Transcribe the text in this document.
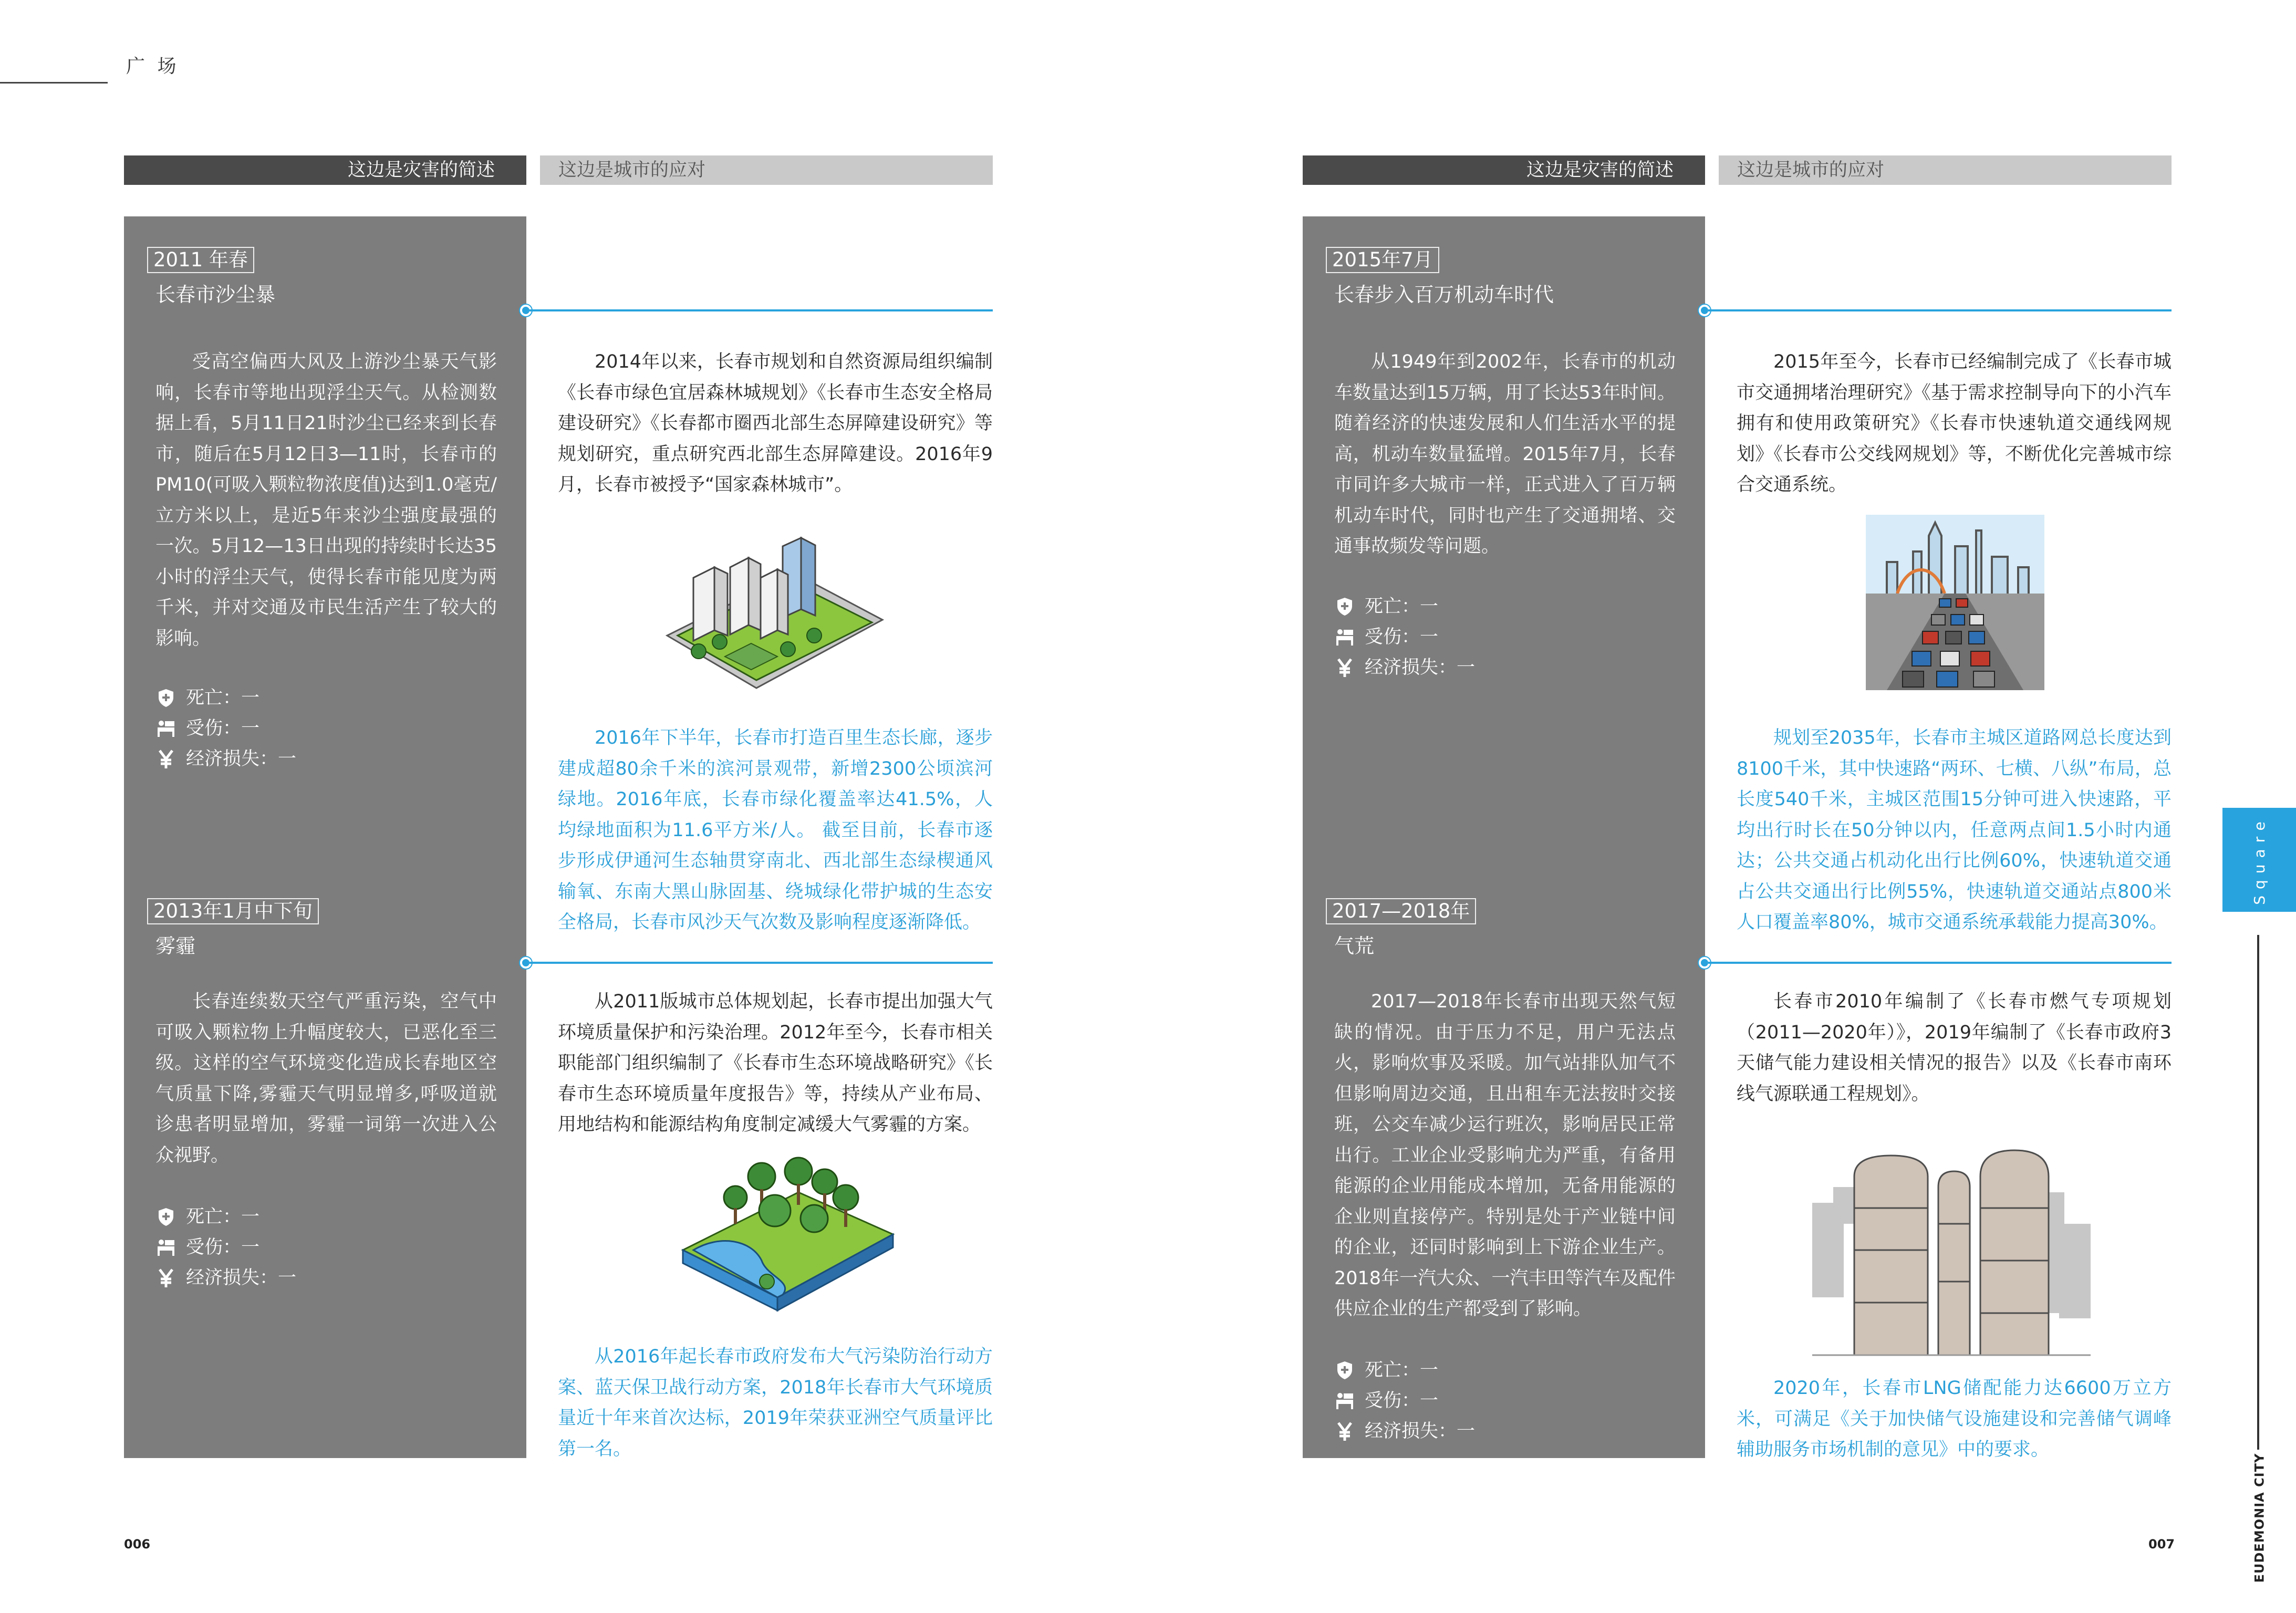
广 场
这边是灾害的简述	这边是城市的应对
2011 年春
长春市沙尘暴
受高空偏西大风及上游沙尘暴天气影响，长春市等地出现浮尘天气。从检测数据上看，5月11日21时沙尘已经来到长春市，随后在5月12日3—11时，长春市的PM10(可吸入颗粒物浓度值)达到1.0毫克/立方米以上，是近5年来沙尘强度最强的一次。5月12—13日出现的持续时长达35小时的浮尘天气，使得长春市能见度为两千米，并对交通及市民生活产生了较大的影响。
死亡：一
受伤：一
经济损失：一
2014年以来，长春市规划和自然资源局组织编制《长春市绿色宜居森林城规划》《长春市生态安全格局建设研究》《长春都市圈西北部生态屏障建设研究》等规划研究，重点研究西北部生态屏障建设。2016年9月，长春市被授予“国家森林城市”。
2016年下半年，长春市打造百里生态长廊，逐步建成超80余千米的滨河景观带，新增2300公顷滨河绿地。2016年底，长春市绿化覆盖率达41.5%，人均绿地面积为11.6平方米/人。 截至目前，长春市逐步形成伊通河生态轴贯穿南北、西北部生态绿楔通风输氧、东南大黑山脉固基、绕城绿化带护城的生态安全格局，长春市风沙天气次数及影响程度逐渐降低。
2013年1月中下旬
雾霾
长春连续数天空气严重污染，空气中可吸入颗粒物上升幅度较大，已恶化至三级。这样的空气环境变化造成长春地区空气质量下降,雾霾天气明显增多,呼吸道就诊患者明显增加，雾霾一词第一次进入公众视野。
死亡：一
受伤：一
经济损失：一
从2011版城市总体规划起，长春市提出加强大气环境质量保护和污染治理。2012年至今，长春市相关职能部门组织编制了《长春市生态环境战略研究》《长春市生态环境质量年度报告》等，持续从产业布局、用地结构和能源结构角度制定减缓大气雾霾的方案。
从2016年起长春市政府发布大气污染防治行动方案、蓝天保卫战行动方案，2018年长春市大气环境质量近十年来首次达标，2019年荣获亚洲空气质量评比第一名。
006
这边是灾害的简述	这边是城市的应对
2015年7月
长春步入百万机动车时代
从1949年到2002年，长春市的机动车数量达到15万辆，用了长达53年时间。随着经济的快速发展和人们生活水平的提高，机动车数量猛增。2015年7月，长春市同许多大城市一样，正式进入了百万辆机动车时代，同时也产生了交通拥堵、交通事故频发等问题。
死亡：一
受伤：一
经济损失：一
2015年至今，长春市已经编制完成了《长春市城市交通拥堵治理研究》《基于需求控制导向下的小汽车拥有和使用政策研究》《长春市快速轨道交通线网规划》《长春市公交线网规划》等，不断优化完善城市综合交通系统。
规划至2035年，长春市主城区道路网总长度达到8100千米，其中快速路“两环、七横、八纵”布局，总长度540千米，主城区范围15分钟可进入快速路，平均出行时长在50分钟以内，任意两点间1.5小时内通达；公共交通占机动化出行比例60%，快速轨道交通占公共交通出行比例55%，快速轨道交通站点800米人口覆盖率80%，城市交通系统承载能力提高30%。
2017—2018年
气荒
2017—2018年长春市出现天然气短缺的情况。由于压力不足，用户无法点火，影响炊事及采暖。加气站排队加气不但影响周边交通，且出租车无法按时交接班，公交车减少运行班次，影响居民正常出行。工业企业受影响尤为严重，有备用能源的企业用能成本增加，无备用能源的企业则直接停产。特别是处于产业链中间的企业，还同时影响到上下游企业生产。2018年一汽大众、一汽丰田等汽车及配件供应企业的生产都受到了影响。
死亡：一
受伤：一
经济损失：一
长春市2010年编制了《长春市燃气专项规划（2011—2020年）》，2019年编制了《长春市政府3天储气能力建设相关情况的报告》以及《长春市南环线气源联通工程规划》。
2020年，长春市LNG储配能力达6600万立方米，可满足《关于加快储气设施建设和完善储气调峰辅助服务市场机制的意见》中的要求。
007
Square
EUDEMONIA CITY
